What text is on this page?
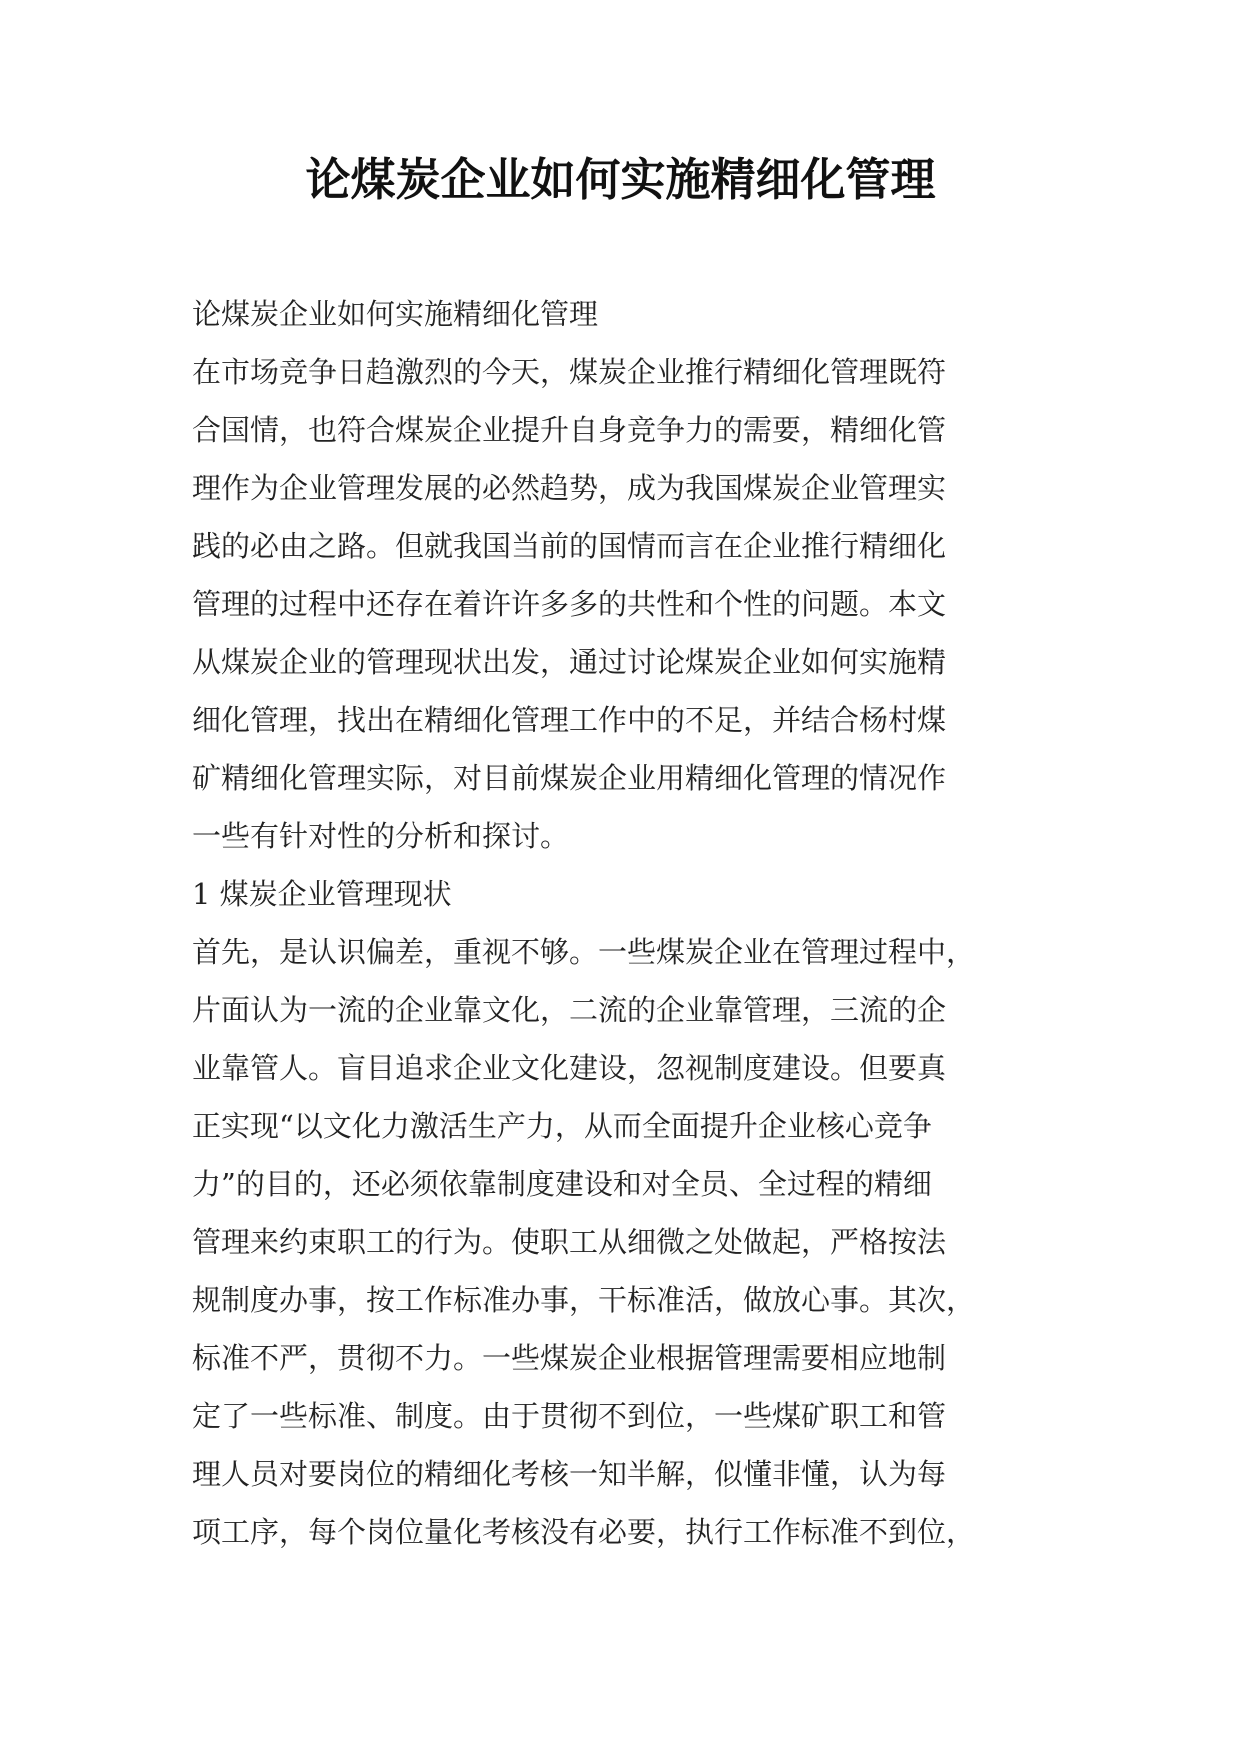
论煤炭企业如何实施精细化管理
论煤炭企业如何实施精细化管理
在市场竞争日趋激烈的今天，煤炭企业推行精细化管理既符
合国情，也符合煤炭企业提升自身竞争力的需要，精细化管
理作为企业管理发展的必然趋势，成为我国煤炭企业管理实
践的必由之路。但就我国当前的国情而言在企业推行精细化
管理的过程中还存在着许许多多的共性和个性的问题。本文
从煤炭企业的管理现状出发，通过讨论煤炭企业如何实施精
细化管理，找出在精细化管理工作中的不足，并结合杨村煤
矿精细化管理实际，对目前煤炭企业用精细化管理的情况作
一些有针对性的分析和探讨。
1 煤炭企业管理现状
首先，是认识偏差，重视不够。一些煤炭企业在管理过程中，
片面认为一流的企业靠文化，二流的企业靠管理，三流的企
业靠管人。盲目追求企业文化建设，忽视制度建设。但要真
正实现“以文化力激活生产力，从而全面提升企业核心竞争
力”的目的，还必须依靠制度建设和对全员、全过程的精细
管理来约束职工的行为。使职工从细微之处做起，严格按法
规制度办事，按工作标准办事，干标准活，做放心事。其次，
标准不严，贯彻不力。一些煤炭企业根据管理需要相应地制
定了一些标准、制度。由于贯彻不到位，一些煤矿职工和管
理人员对要岗位的精细化考核一知半解，似懂非懂，认为每
项工序，每个岗位量化考核没有必要，执行工作标准不到位，
